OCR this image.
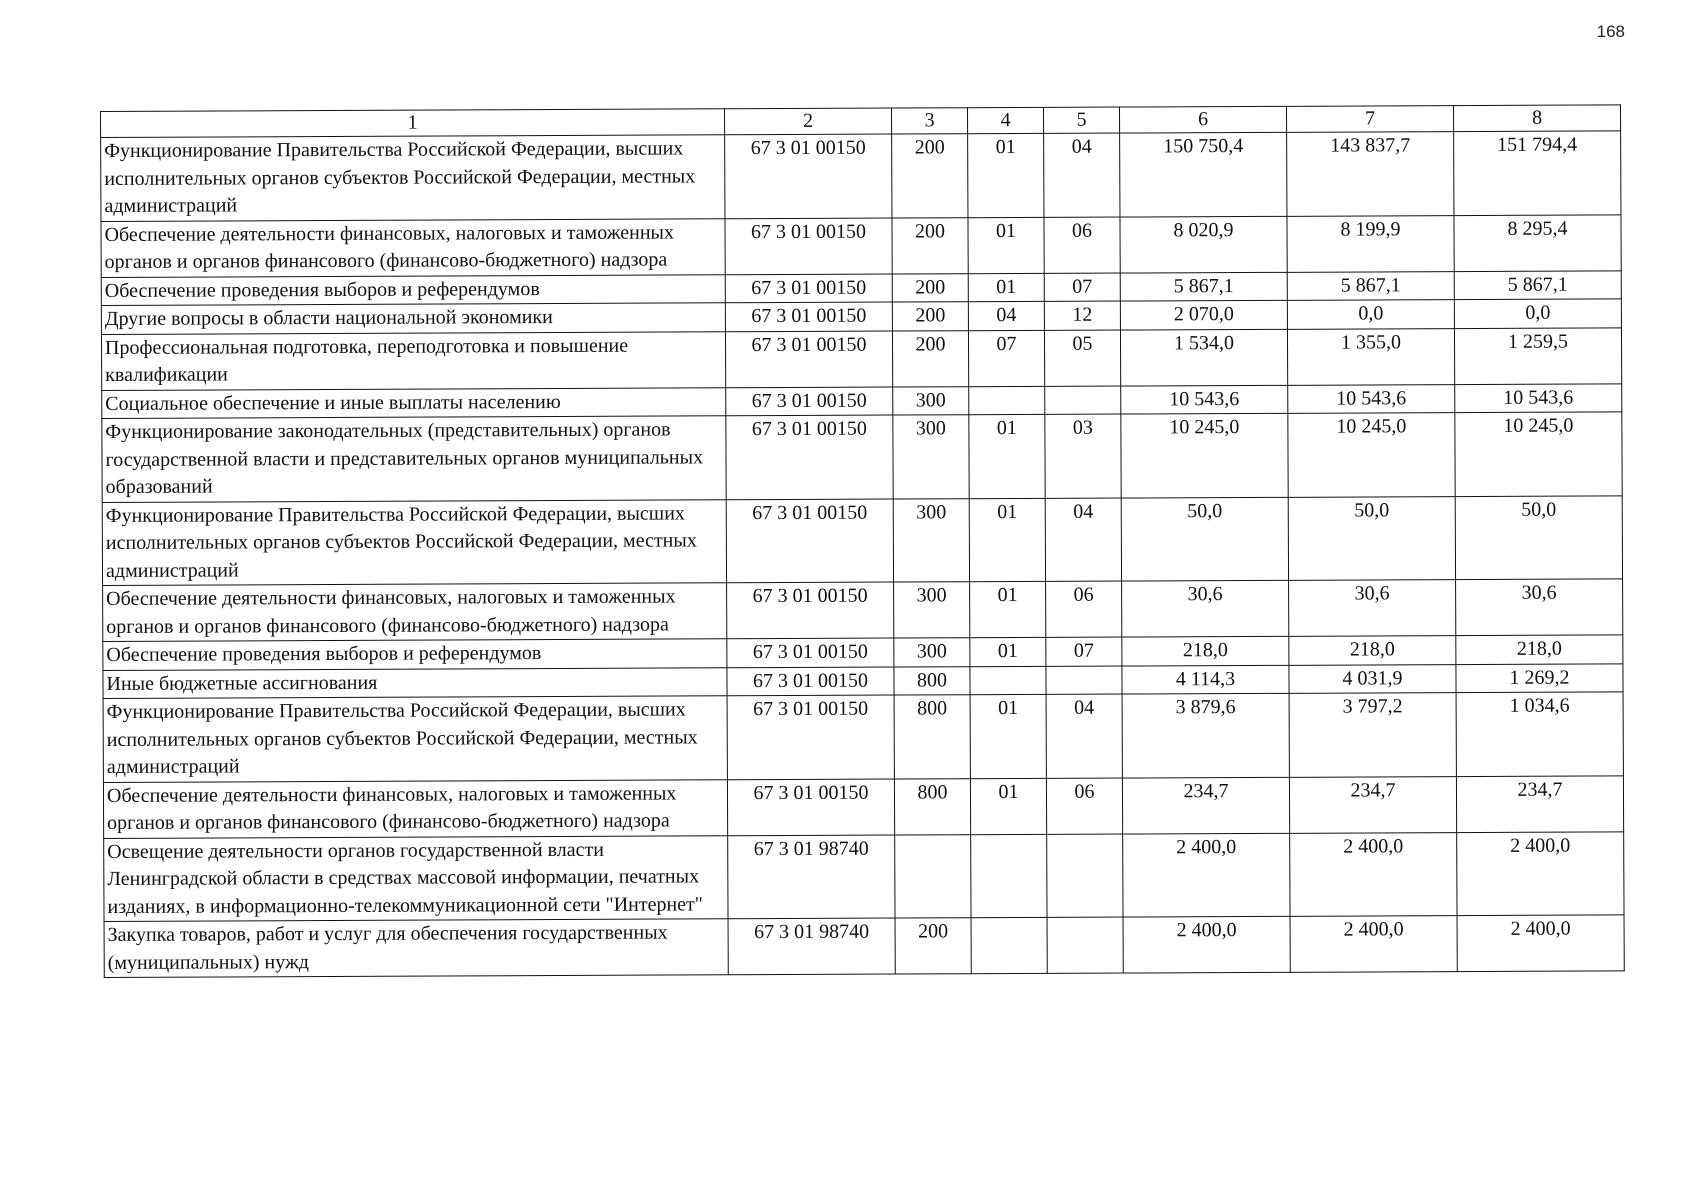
168
1	2	3	4	5	6	7	8
Функционирование Правительства Российской Федерации, высших исполнительных органов субъектов Российской Федерации, местных администраций	67 3 01 00150	200	01	04	150 750,4	143 837,7	151 794,4
Обеспечение деятельности финансовых, налоговых и таможенных органов и органов финансового (финансово-бюджетного) надзора	67 3 01 00150	200	01	06	8 020,9	8 199,9	8 295,4
Обеспечение проведения выборов и референдумов	67 3 01 00150	200	01	07	5 867,1	5 867,1	5 867,1
Другие вопросы в области национальной экономики	67 3 01 00150	200	04	12	2 070,0	0,0	0,0
Профессиональная подготовка, переподготовка и повышение квалификации	67 3 01 00150	200	07	05	1 534,0	1 355,0	1 259,5
Социальное обеспечение и иные выплаты населению	67 3 01 00150	300			10 543,6	10 543,6	10 543,6
Функционирование законодательных (представительных) органов государственной власти и представительных органов муниципальных образований	67 3 01 00150	300	01	03	10 245,0	10 245,0	10 245,0
Функционирование Правительства Российской Федерации, высших исполнительных органов субъектов Российской Федерации, местных администраций	67 3 01 00150	300	01	04	50,0	50,0	50,0
Обеспечение деятельности финансовых, налоговых и таможенных органов и органов финансового (финансово-бюджетного) надзора	67 3 01 00150	300	01	06	30,6	30,6	30,6
Обеспечение проведения выборов и референдумов	67 3 01 00150	300	01	07	218,0	218,0	218,0
Иные бюджетные ассигнования	67 3 01 00150	800			4 114,3	4 031,9	1 269,2
Функционирование Правительства Российской Федерации, высших исполнительных органов субъектов Российской Федерации, местных администраций	67 3 01 00150	800	01	04	3 879,6	3 797,2	1 034,6
Обеспечение деятельности финансовых, налоговых и таможенных органов и органов финансового (финансово-бюджетного) надзора	67 3 01 00150	800	01	06	234,7	234,7	234,7
Освещение деятельности органов государственной власти Ленинградской области в средствах массовой информации, печатных изданиях, в информационно-телекоммуникационной сети "Интернет"	67 3 01 98740				2 400,0	2 400,0	2 400,0
Закупка товаров, работ и услуг для обеспечения государственных (муниципальных) нужд	67 3 01 98740	200			2 400,0	2 400,0	2 400,0
